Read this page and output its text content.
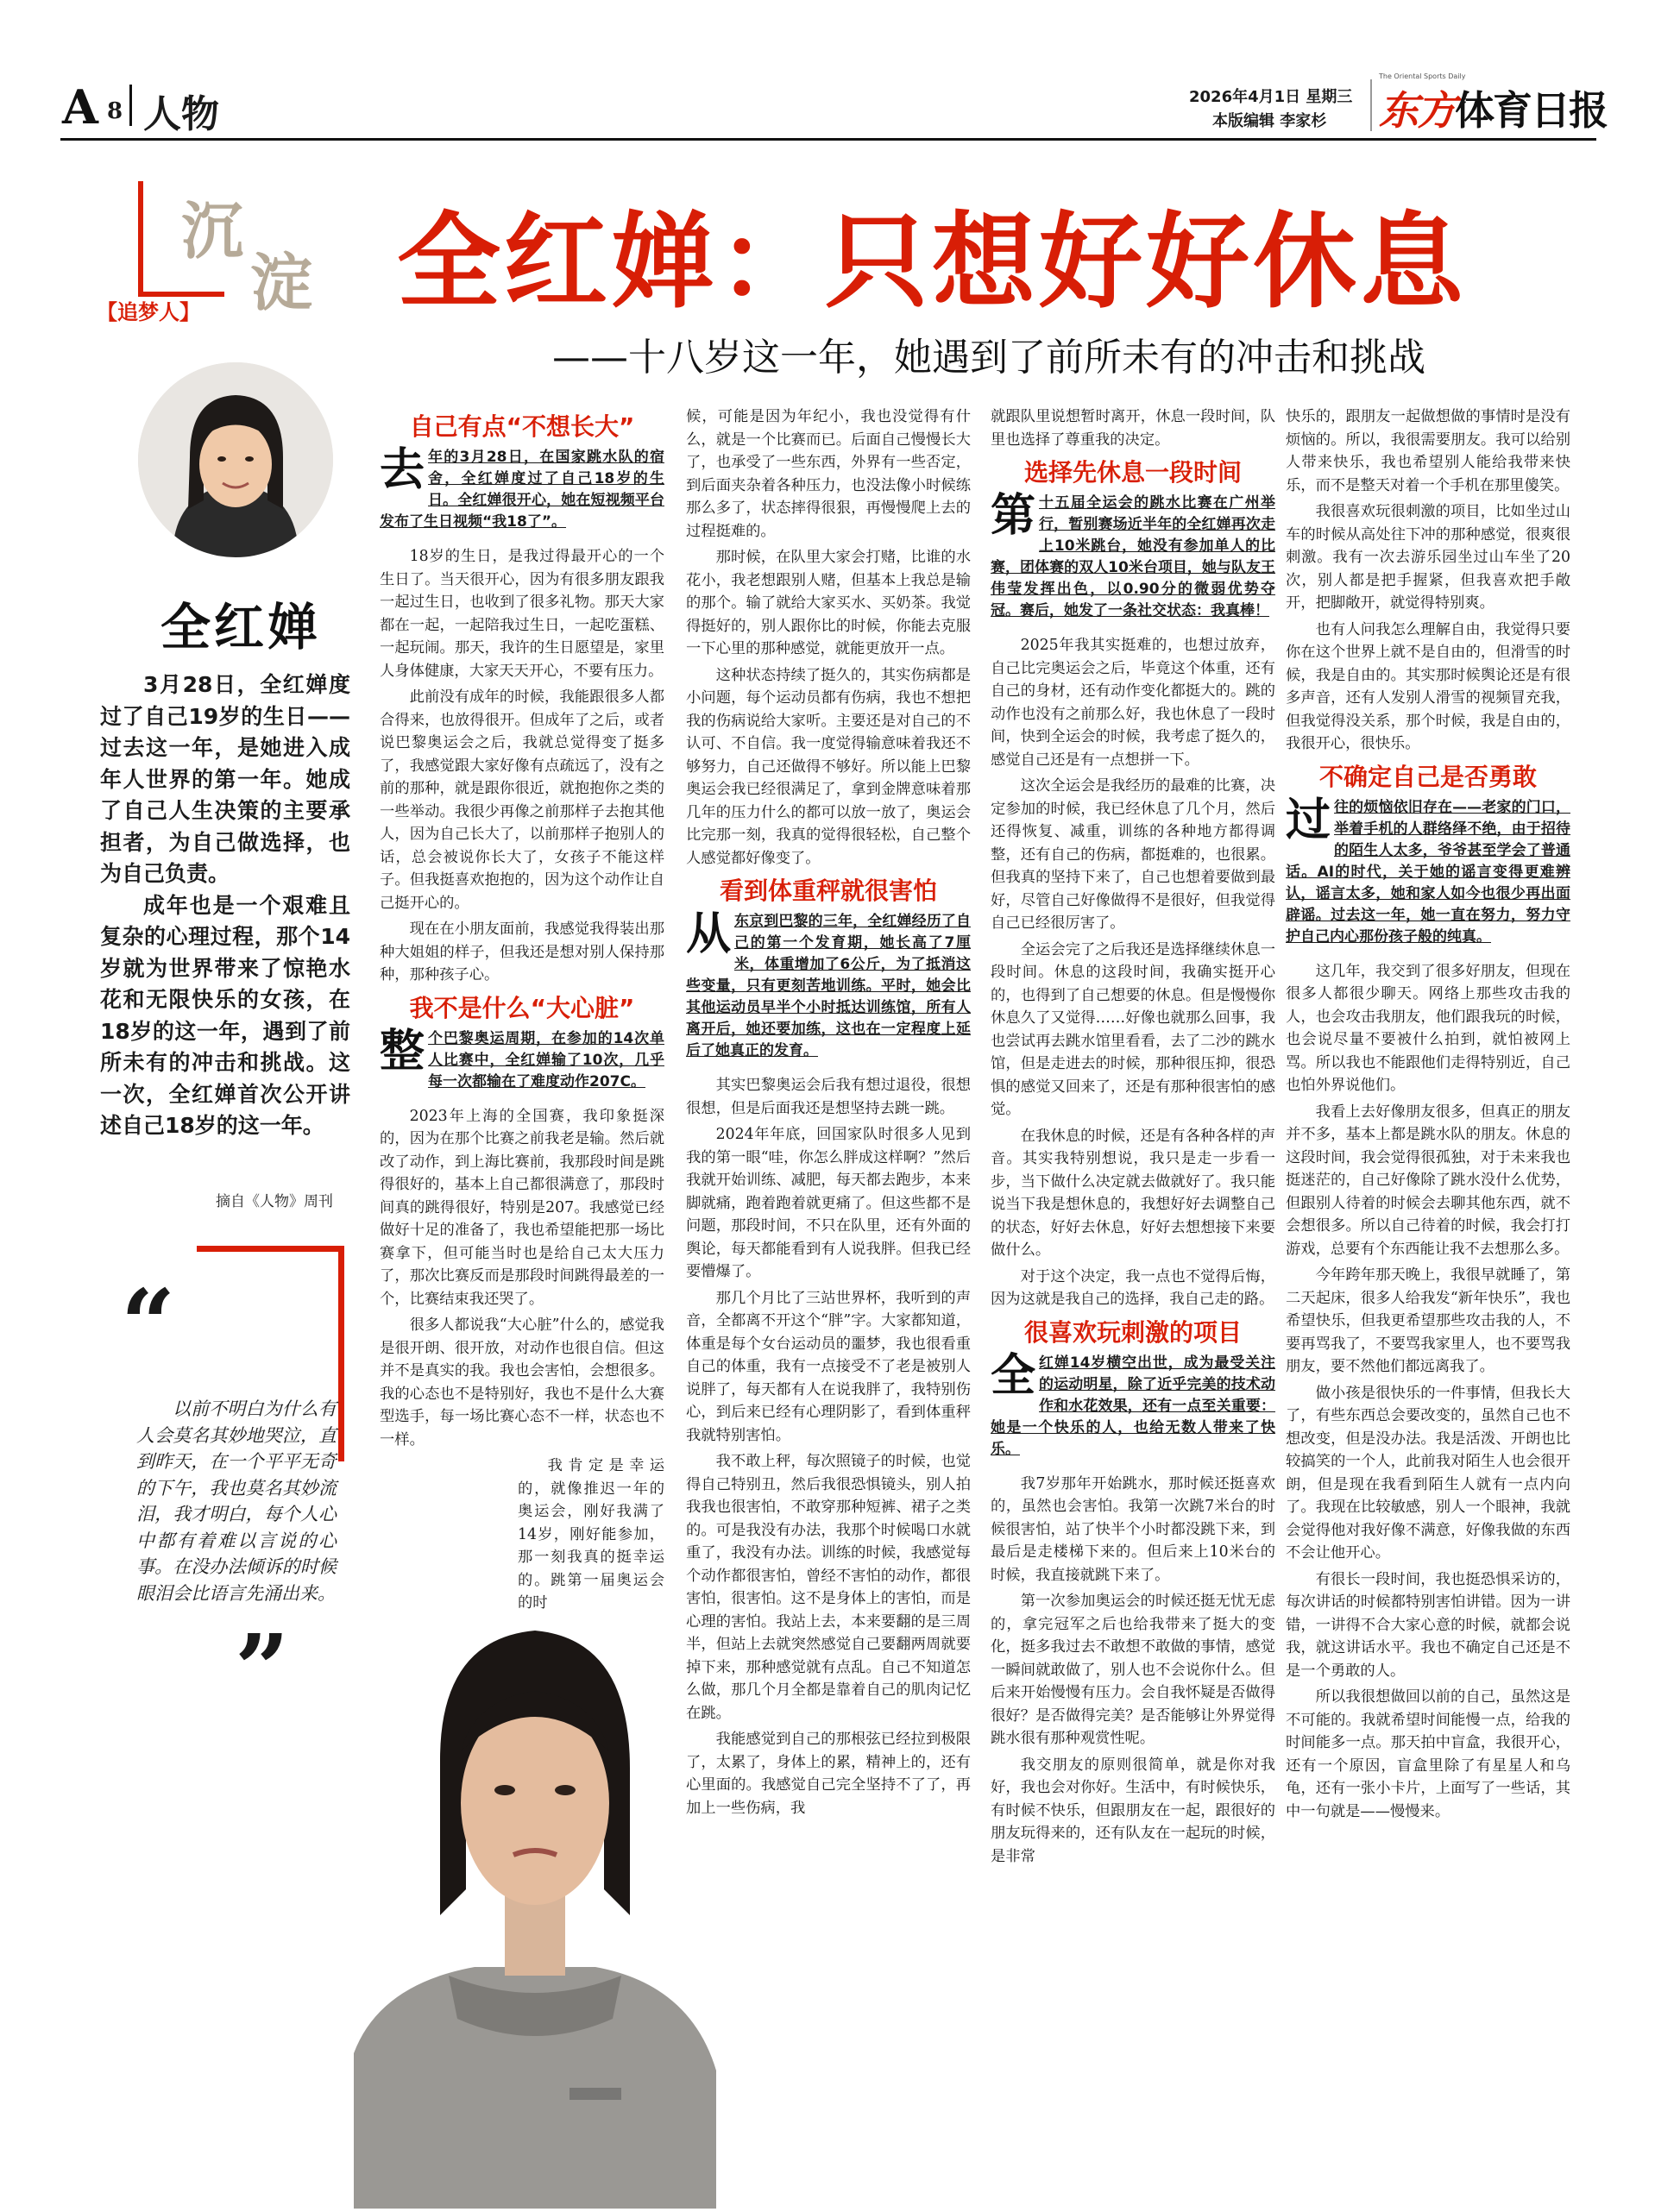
A 8 人物	2026年4月1日 星期三
本版编辑 李家杉
The Oriental Sports Daily
东方体育日报
沉
淀
【追梦人】 全红婵：只想好好休息
——十八岁这一年，她遇到了前所未有的冲击和挑战
全红婵

3月28日，全红婵度过了自己19岁的生日——过去这一年，是她进入成年人世界的第一年。她成了自己人生决策的主要承担者，为自己做选择，也为自己负责。

成年也是一个艰难且复杂的心理过程，那个14岁就为世界带来了惊艳水花和无限快乐的女孩，在18岁的这一年，遇到了前所未有的冲击和挑战。这一次，全红婵首次公开讲述自己18岁的这一年。

摘自《人物》周刊
“

以前不明白为什么有人会莫名其妙地哭泣，直到昨天，在一个平平无奇的下午，我也莫名其妙流泪，我才明白，每个人心中都有着难以言说的心事。在没办法倾诉的时候眼泪会比语言先涌出来。

”

自己有点“不想长大”

去年的3月28日，在国家跳水队的宿舍，全红婵度过了自己18岁的生日。全红婵很开心，她在短视频平台发布了生日视频“我18了”。

18岁的生日，是我过得最开心的一个生日了。当天很开心，因为有很多朋友跟我一起过生日，也收到了很多礼物。那天大家都在一起，一起陪我过生日，一起吃蛋糕、一起玩闹。那天，我许的生日愿望是，家里人身体健康，大家天天开心，不要有压力。

此前没有成年的时候，我能跟很多人都合得来，也放得很开。但成年了之后，或者说巴黎奥运会之后，我就总觉得变了挺多了，我感觉跟大家好像有点疏远了，没有之前的那种，就是跟你很近，就抱抱你之类的一些举动。我很少再像之前那样子去抱其他人，因为自己长大了，以前那样子抱别人的话，总会被说你长大了，女孩子不能这样子。但我挺喜欢抱抱的，因为这个动作让自己挺开心的。

现在在小朋友面前，我感觉我得装出那种大姐姐的样子，但我还是想对别人保持那种，那种孩子心。

我不是什么“大心脏”

整个巴黎奥运周期，在参加的14次单人比赛中，全红婵输了10次，几乎每一次都输在了难度动作207C。

2023年上海的全国赛，我印象挺深的，因为在那个比赛之前我老是输。然后就改了动作，到上海比赛前，我那段时间是跳得很好的，基本上自己都很满意了，那段时间真的跳得很好，特别是207。我感觉已经做好十足的准备了，我也希望能把那一场比赛拿下，但可能当时也是给自己太大压力了，那次比赛反而是那段时间跳得最差的一个，比赛结束我还哭了。

很多人都说我“大心脏”什么的，感觉我是很开朗、很开放，对动作也很自信。但这并不是真实的我。我也会害怕，会想很多。我的心态也不是特别好，我也不是什么大赛型选手，每一场比赛心态不一样，状态也不一样。

我肯定是幸运的，就像推迟一年的奥运会，刚好我满了14岁，刚好能参加，那一刻我真的挺幸运的。跳第一届奥运会的时

候，可能是因为年纪小，我也没觉得有什么，就是一个比赛而已。后面自己慢慢长大了，也承受了一些东西，外界有一些否定，到后面夹杂着各种压力，也没法像小时候练那么多了，状态摔得很狠，再慢慢爬上去的过程挺难的。

那时候，在队里大家会打赌，比谁的水花小，我老想跟别人赌，但基本上我总是输的那个。输了就给大家买水、买奶茶。我觉得挺好的，别人跟你比的时候，你能去克服一下心里的那种感觉，就能更放开一点。

这种状态持续了挺久的，其实伤病都是小问题，每个运动员都有伤病，我也不想把我的伤病说给大家听。主要还是对自己的不认可、不自信。我一度觉得输意味着我还不够努力，自己还做得不够好。所以能上巴黎奥运会我已经很满足了，拿到金牌意味着那几年的压力什么的都可以放一放了，奥运会比完那一刻，我真的觉得很轻松，自己整个人感觉都好像变了。

看到体重秤就很害怕

从东京到巴黎的三年，全红婵经历了自己的第一个发育期，她长高了7厘米，体重增加了6公斤，为了抵消这些变量，只有更刻苦地训练。平时，她会比其他运动员早半个小时抵达训练馆，所有人离开后，她还要加练，这也在一定程度上延后了她真正的发育。

其实巴黎奥运会后我有想过退役，很想很想，但是后面我还是想坚持去跳一跳。

2024年年底，回国家队时很多人见到我的第一眼“哇，你怎么胖成这样啊？”然后我就开始训练、减肥，每天都去跑步，本来脚就痛，跑着跑着就更痛了。但这些都不是问题，那段时间，不只在队里，还有外面的舆论，每天都能看到有人说我胖。但我已经要懵爆了。

那几个月比了三站世界杯，我听到的声音，全都离不开这个“胖”字。大家都知道，体重是每个女台运动员的噩梦，我也很看重自己的体重，我有一点接受不了老是被别人说胖了，每天都有人在说我胖了，我特别伤心，到后来已经有心理阴影了，看到体重秤我就特别害怕。

我不敢上秤，每次照镜子的时候，也觉得自己特别丑，然后我很恐惧镜头，别人拍我我也很害怕，不敢穿那种短裤、裙子之类的。可是我没有办法，我那个时候喝口水就重了，我没有办法。训练的时候，我感觉每个动作都很害怕，曾经不害怕的动作，都很害怕，很害怕。这不是身体上的害怕，而是心理的害怕。我站上去，本来要翻的是三周半，但站上去就突然感觉自己要翻两周就要掉下来，那种感觉就有点乱。自己不知道怎么做，那几个月全都是靠着自己的肌肉记忆在跳。

我能感觉到自己的那根弦已经拉到极限了，太累了，身体上的累，精神上的，还有心里面的。我感觉自己完全坚持不了了，再加上一些伤病，我

就跟队里说想暂时离开，休息一段时间，队里也选择了尊重我的决定。

选择先休息一段时间

第十五届全运会的跳水比赛在广州举行，暂别赛场近半年的全红婵再次走上10米跳台，她没有参加单人的比赛，团体赛的双人10米台项目，她与队友王伟莹发挥出色，以0.90分的微弱优势夺冠。赛后，她发了一条社交状态：我真棒！

2025年我其实挺难的，也想过放弃，自己比完奥运会之后，毕竟这个体重，还有自己的身材，还有动作变化都挺大的。跳的动作也没有之前那么好，我也休息了一段时间，快到全运会的时候，我考虑了挺久的，感觉自己还是有一点想拼一下。

这次全运会是我经历的最难的比赛，决定参加的时候，我已经休息了几个月，然后还得恢复、减重，训练的各种地方都得调整，还有自己的伤病，都挺难的，也很累。但我真的坚持下来了，自己也想着要做到最好，尽管自己好像做得不是很好，但我觉得自己已经很厉害了。

全运会完了之后我还是选择继续休息一段时间。休息的这段时间，我确实挺开心的，也得到了自己想要的休息。但是慢慢你休息久了又觉得……好像也就那么回事，我也尝试再去跳水馆里看看，去了二沙的跳水馆，但是走进去的时候，那种很压抑，很恐惧的感觉又回来了，还是有那种很害怕的感觉。

在我休息的时候，还是有各种各样的声音。其实我特别想说，我只是走一步看一步，当下做什么决定就去做就好了。我只能说当下我是想休息的，我想好好去调整自己的状态，好好去休息，好好去想想接下来要做什么。

对于这个决定，我一点也不觉得后悔，因为这就是我自己的选择，我自己走的路。

很喜欢玩刺激的项目

全红婵14岁横空出世，成为最受关注的运动明星，除了近乎完美的技术动作和水花效果，还有一点至关重要：她是一个快乐的人，也给无数人带来了快乐。

我7岁那年开始跳水，那时候还挺喜欢的，虽然也会害怕。我第一次跳7米台的时候很害怕，站了快半个小时都没跳下来，到最后是走楼梯下来的。但后来上10米台的时候，我直接就跳下来了。

第一次参加奥运会的时候还挺无忧无虑的，拿完冠军之后也给我带来了挺大的变化，挺多我过去不敢想不敢做的事情，感觉一瞬间就敢做了，别人也不会说你什么。但后来开始慢慢有压力。会自我怀疑是否做得很好？是否做得完美？是否能够让外界觉得跳水很有那种观赏性呢。

我交朋友的原则很简单，就是你对我好，我也会对你好。生活中，有时候快乐，有时候不快乐，但跟朋友在一起，跟很好的朋友玩得来的，还有队友在一起玩的时候，是非常

快乐的，跟朋友一起做想做的事情时是没有烦恼的。所以，我很需要朋友。我可以给别人带来快乐，我也希望别人能给我带来快乐，而不是整天对着一个手机在那里傻笑。

我很喜欢玩很刺激的项目，比如坐过山车的时候从高处往下冲的那种感觉，很爽很刺激。我有一次去游乐园坐过山车坐了20次，别人都是把手握紧，但我喜欢把手敞开，把脚敞开，就觉得特别爽。

也有人问我怎么理解自由，我觉得只要你在这个世界上就不是自由的，但滑雪的时候，我是自由的。其实那时候舆论还是有很多声音，还有人发别人滑雪的视频冒充我，但我觉得没关系，那个时候，我是自由的，我很开心，很快乐。

不确定自己是否勇敢

过往的烦恼依旧存在——老家的门口，举着手机的人群络绎不绝，由于招待的陌生人太多，爷爷甚至学会了普通话。AI的时代，关于她的谣言变得更难辨认，谣言太多，她和家人如今也很少再出面辟谣。过去这一年，她一直在努力，努力守护自己内心那份孩子般的纯真。

这几年，我交到了很多好朋友，但现在很多人都很少聊天。网络上那些攻击我的人，也会攻击我朋友，他们跟我玩的时候，也会说尽量不要被什么拍到，就怕被网上骂。所以我也不能跟他们走得特别近，自己也怕外界说他们。

我看上去好像朋友很多，但真正的朋友并不多，基本上都是跳水队的朋友。休息的这段时间，我会觉得很孤独，对于未来我也挺迷茫的，自己好像除了跳水没什么优势，但跟别人待着的时候会去聊其他东西，就不会想很多。所以自己待着的时候，我会打打游戏，总要有个东西能让我不去想那么多。

今年跨年那天晚上，我很早就睡了，第二天起床，很多人给我发“新年快乐”，我也希望快乐，但我更希望那些攻击我的人，不要再骂我了，不要骂我家里人，也不要骂我朋友，要不然他们都远离我了。

做小孩是很快乐的一件事情，但我长大了，有些东西总会要改变的，虽然自己也不想改变，但是没办法。我是活泼、开朗也比较搞笑的一个人，此前我对陌生人也会很开朗，但是现在我看到陌生人就有一点内向了。我现在比较敏感，别人一个眼神，我就会觉得他对我好像不满意，好像我做的东西不会让他开心。

有很长一段时间，我也挺恐惧采访的，每次讲话的时候都特别害怕讲错。因为一讲错，一讲得不合大家心意的时候，就都会说我，就这讲话水平。我也不确定自己还是不是一个勇敢的人。

所以我很想做回以前的自己，虽然这是不可能的。我就希望时间能慢一点，给我的时间能多一点。那天拍中盲盒，我很开心，还有一个原因，盲盒里除了有星星人和乌龟，还有一张小卡片，上面写了一些话，其中一句就是——慢慢来。
